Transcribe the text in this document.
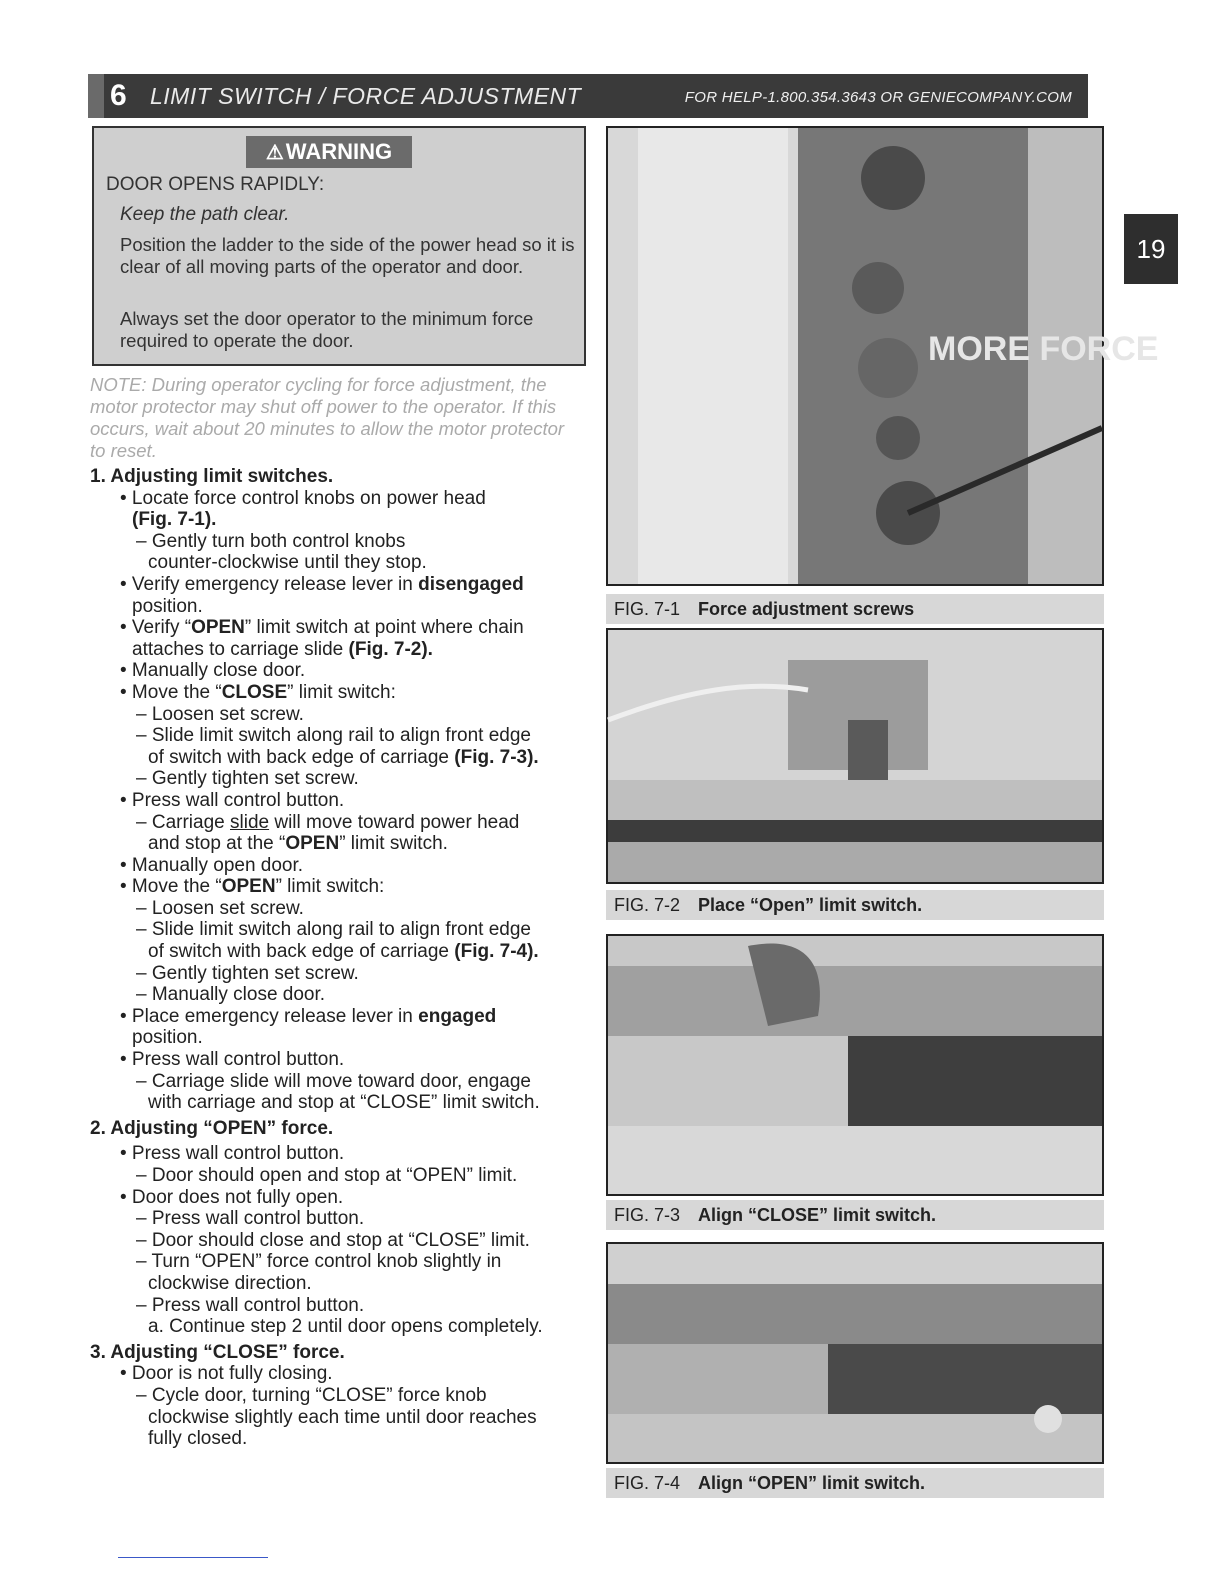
6 LIMIT SWITCH / FORCE ADJUSTMENT	FOR HELP-1.800.354.3643 OR GENIECOMPANY.COM
19
⚠WARNING
DOOR OPENS RAPIDLY:
Keep the path clear.
Position the ladder to the side of the power head so it is clear of all moving parts of the operator and door.
Always set the door operator to the minimum force required to operate the door.
NOTE: During operator cycling for force adjustment, the motor protector may shut off power to the operator. If this occurs, wait about 20 minutes to allow the motor protector to reset.
1. Adjusting limit switches.
• Locate force control knobs on power head
(Fig. 7-1).
– Gently turn both control knobs
counter-clockwise until they stop.
• Verify emergency release lever in disengaged
position.
• Verify “OPEN” limit switch at point where chain
attaches to carriage slide (Fig. 7-2).
• Manually close door.
• Move the “CLOSE” limit switch:
– Loosen set screw.
– Slide limit switch along rail to align front edge
of switch with back edge of carriage (Fig. 7-3).
– Gently tighten set screw.
• Press wall control button.
– Carriage slide will move toward power head
and stop at the “OPEN” limit switch.
• Manually open door.
• Move the “OPEN” limit switch:
– Loosen set screw.
– Slide limit switch along rail to align front edge
of switch with back edge of carriage (Fig. 7-4).
– Gently tighten set screw.
– Manually close door.
• Place emergency release lever in engaged
position.
• Press wall control button.
– Carriage slide will move toward door, engage
with carriage and stop at “CLOSE” limit switch.
2. Adjusting “OPEN” force.
• Press wall control button.
– Door should open and stop at “OPEN” limit.
• Door does not fully open.
– Press wall control button.
– Door should close and stop at “CLOSE” limit.
– Turn “OPEN” force control knob slightly in
clockwise direction.
– Press wall control button.
a. Continue step 2 until door opens completely.
3. Adjusting “CLOSE” force.
• Door is not fully closing.
– Cycle door, turning “CLOSE” force knob
clockwise slightly each time until door reaches
fully closed.
MORE FORCE
FIG. 7-1 Force adjustment screws
FIG. 7-2 Place “Open” limit switch.
FIG. 7-3 Align “CLOSE” limit switch.
FIG. 7-4 Align “OPEN” limit switch.
